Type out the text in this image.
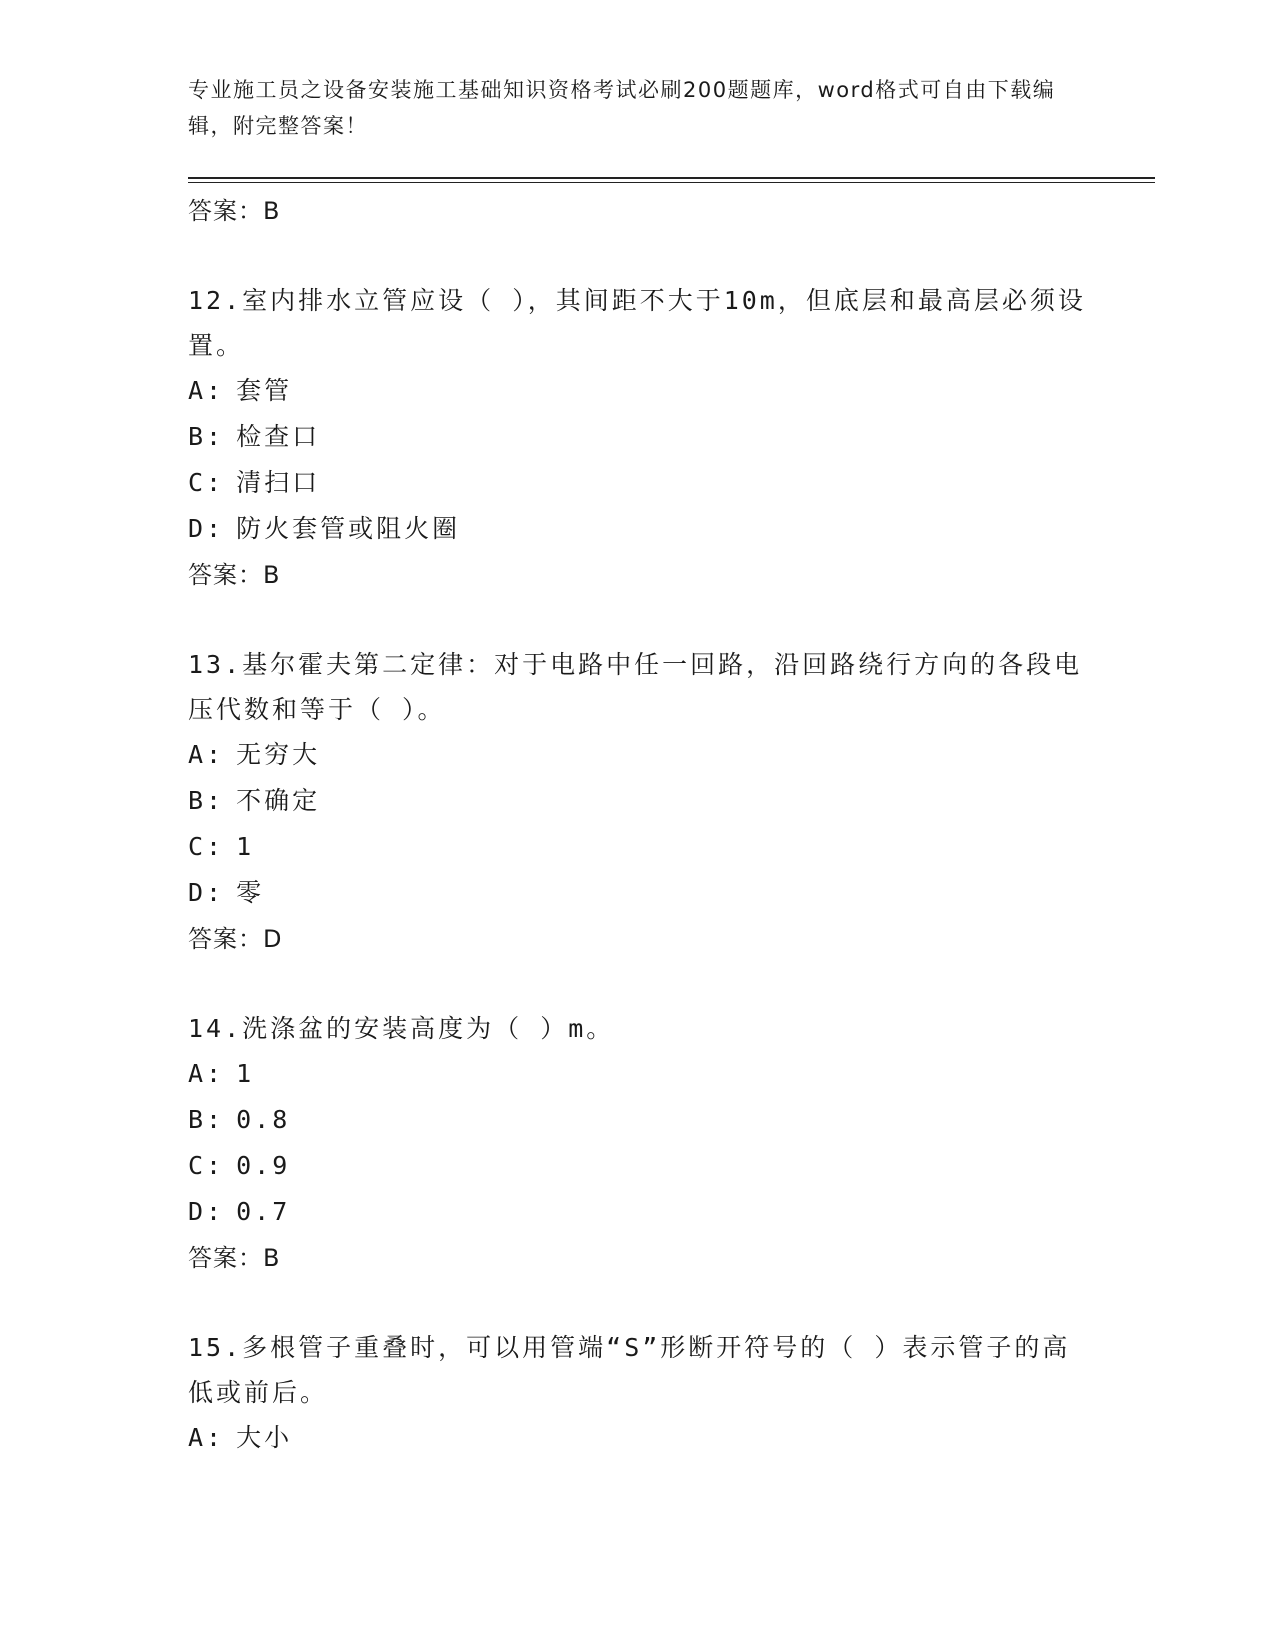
专业施工员之设备安装施工基础知识资格考试必刷200题题库，word格式可自由下载编辑，附完整答案！
答案：B
12.室内排水立管应设（ ），其间距不大于10m，但底层和最高层必须设置。
A: 套管
B: 检查口
C: 清扫口
D: 防火套管或阻火圈
答案：B
13.基尔霍夫第二定律：对于电路中任一回路，沿回路绕行方向的各段电压代数和等于（ ）。
A: 无穷大
B: 不确定
C: 1
D: 零
答案：D
14.洗涤盆的安装高度为（ ）m。
A: 1
B: 0.8
C: 0.9
D: 0.7
答案：B
15.多根管子重叠时，可以用管端“S”形断开符号的（ ）表示管子的高低或前后。
A: 大小
